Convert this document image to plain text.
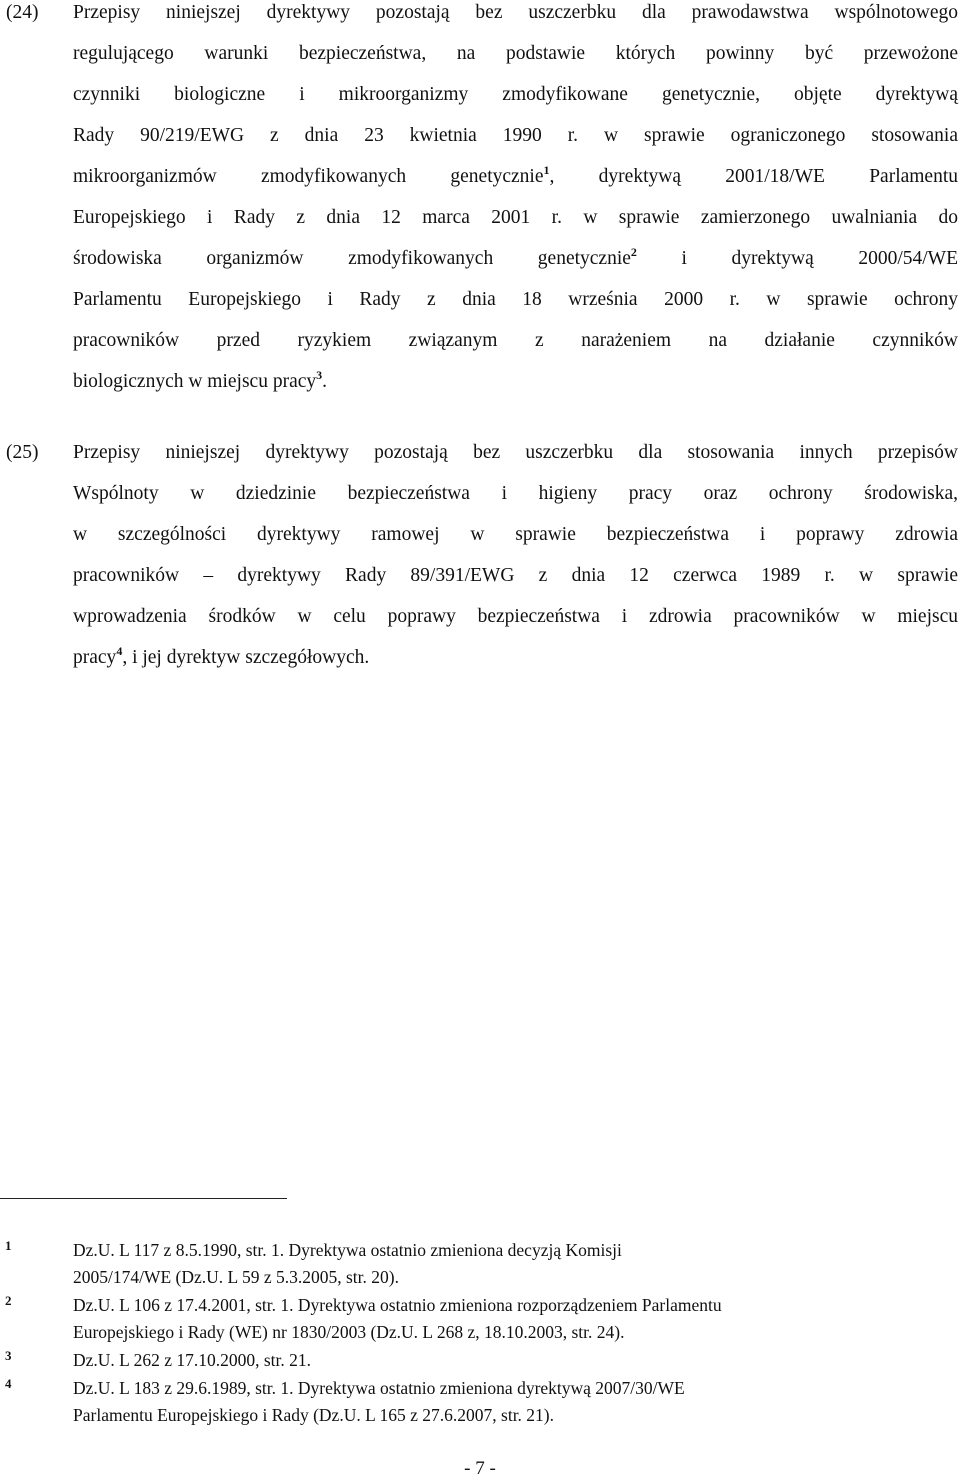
(24) Przepisy niniejszej dyrektywy pozostają bez uszczerbku dla prawodawstwa wspólnotowego
regulującego warunki bezpieczeństwa, na podstawie których powinny być przewożone
czynniki biologiczne i mikroorganizmy zmodyfikowane genetycznie, objęte dyrektywą
Rady 90/219/EWG z dnia 23 kwietnia 1990 r. w sprawie ograniczonego stosowania
mikroorganizmów zmodyfikowanych genetycznie$^1$, dyrektywą 2001/18/WE Parlamentu
Europejskiego i Rady z dnia 12 marca 2001 r. w sprawie zamierzonego uwalniania do
środowiska organizmów zmodyfikowanych genetycznie$^2$ i dyrektywą 2000/54/WE
Parlamentu Europejskiego i Rady z dnia 18 września 2000 r. w sprawie ochrony
pracowników przed ryzykiem związanym z narażeniem na działanie czynników
biologicznych w miejscu pracy$^3$.
(25) Przepisy niniejszej dyrektywy pozostają bez uszczerbku dla stosowania innych przepisów
Wspólnoty w dziedzinie bezpieczeństwa i higieny pracy oraz ochrony środowiska,
w szczególności dyrektywy ramowej w sprawie bezpieczeństwa i poprawy zdrowia
pracowników – dyrektywy Rady 89/391/EWG z dnia 12 czerwca 1989 r. w sprawie
wprowadzenia środków w celu poprawy bezpieczeństwa i zdrowia pracowników w miejscu
pracy$^4$, i jej dyrektyw szczegółowych.
1	Dz.U. L 117 z 8.5.1990, str. 1. Dyrektywa ostatnio zmieniona decyzją Komisji
2005/174/WE (Dz.U. L 59 z 5.3.2005, str. 20).
2	Dz.U. L 106 z 17.4.2001, str. 1. Dyrektywa ostatnio zmieniona rozporządzeniem Parlamentu
Europejskiego i Rady (WE) nr 1830/2003 (Dz.U. L 268 z, 18.10.2003, str. 24).
3	Dz.U. L 262 z 17.10.2000, str. 21.
4	Dz.U. L 183 z 29.6.1989, str. 1. Dyrektywa ostatnio zmieniona dyrektywą 2007/30/WE
Parlamentu Europejskiego i Rady (Dz.U. L 165 z 27.6.2007, str. 21).
- 7 -
